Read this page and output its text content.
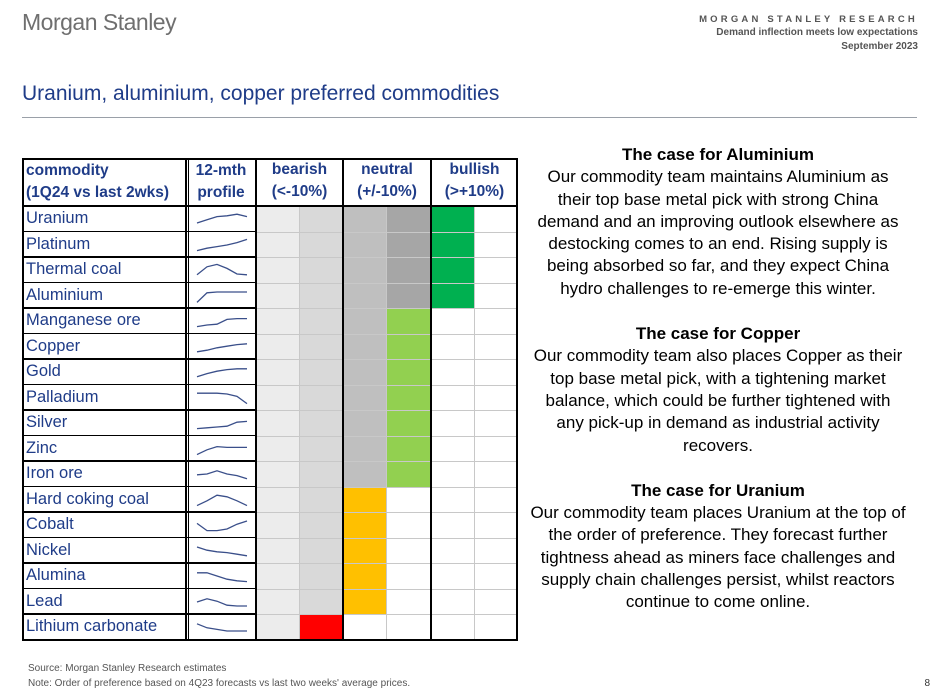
Morgan Stanley	MORGAN STANLEY RESEARCH
Demand inflection meets low expectations
September 2023
Uranium, aluminium, copper preferred commodities
commodity
(1Q24 vs last 2wks)
12-mth
profile
bearish
(<-10%)
neutral
(+/-10%)
bullish
(>+10%)
Uranium
Platinum
Thermal coal
Aluminium
Manganese ore
Copper
Gold
Palladium
Silver
Zinc
Iron ore
Hard coking coal
Cobalt
Nickel
Alumina
Lead
Lithium carbonate
The case for Aluminium
Our commodity team maintains Aluminium as their top base metal pick with strong China demand and an improving outlook elsewhere as destocking comes to an end. Rising supply is being absorbed so far, and they expect China hydro challenges to re-emerge this winter.
The case for Copper
Our commodity team also places Copper as their top base metal pick, with a tightening market balance, which could be further tightened with any pick-up in demand as industrial activity recovers.
The case for Uranium
Our commodity team places Uranium at the top of the order of preference. They forecast further tightness ahead as miners face challenges and supply chain challenges persist, whilst reactors continue to come online.
Source: Morgan Stanley Research estimates
Note: Order of preference based on 4Q23 forecasts vs last two weeks' average prices.	8
